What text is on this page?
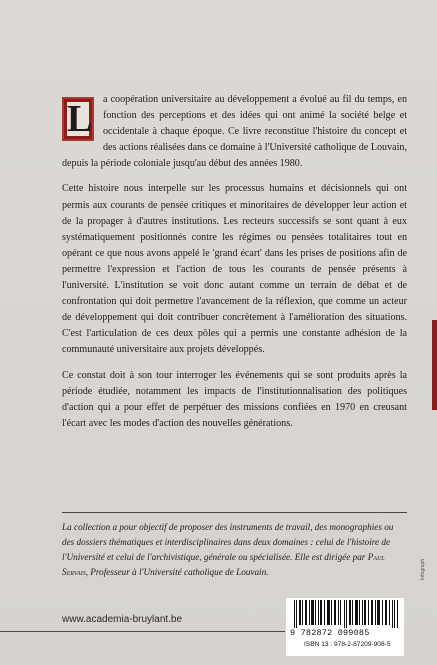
L a coopération universitaire au développement a évolué au fil du temps, en fonction des perceptions et des idées qui ont animé la société belge et occidentale à chaque époque. Ce livre reconstitue l'histoire du concept et des actions réalisées dans ce domaine à l'Université catholique de Louvain, depuis la période coloniale jusqu'au début des années 1980.

Cette histoire nous interpelle sur les processus humains et décisionnels qui ont permis aux courants de pensée critiques et minoritaires de développer leur action et de la propager à d'autres institutions. Les recteurs successifs se sont quant à eux systématiquement positionnés contre les régimes ou pensées totalitaires tout en opérant ce que nous avons appelé le 'grand écart' dans les prises de positions afin de permettre l'expression et l'action de tous les courants de pensée présents à l'université. L'institution se voit donc autant comme un terrain de débat et de confrontation qui doit permettre l'avancement de la réflexion, que comme un acteur de développement qui doit contribuer concrètement à l'amélioration des situations. C'est l'articulation de ces deux pôles qui a permis une constante adhésion de la communauté universitaire aux projets développés.

Ce constat doit à son tour interroger les événements qui se sont produits après la période étudiée, notamment les impacts de l'institutionnalisation des politiques d'action qui a pour effet de perpétuer des missions confiées en 1970 en creusant l'écart avec les modes d'action des nouvelles générations.

La collection a pour objectif de proposer des instruments de travail, des monographies ou des dossiers thématiques et interdisciplinaires dans deux domaines : celui de l'histoire de l'Université et celui de l'archivistique, générale ou spécialisée. Elle est dirigée par Paul Servais, Professeur à l'Université catholique de Louvain.
www.academia-bruylant.be
9 782872 099085
ISBN 13 : 978-2-87209-908-5
Infograph
